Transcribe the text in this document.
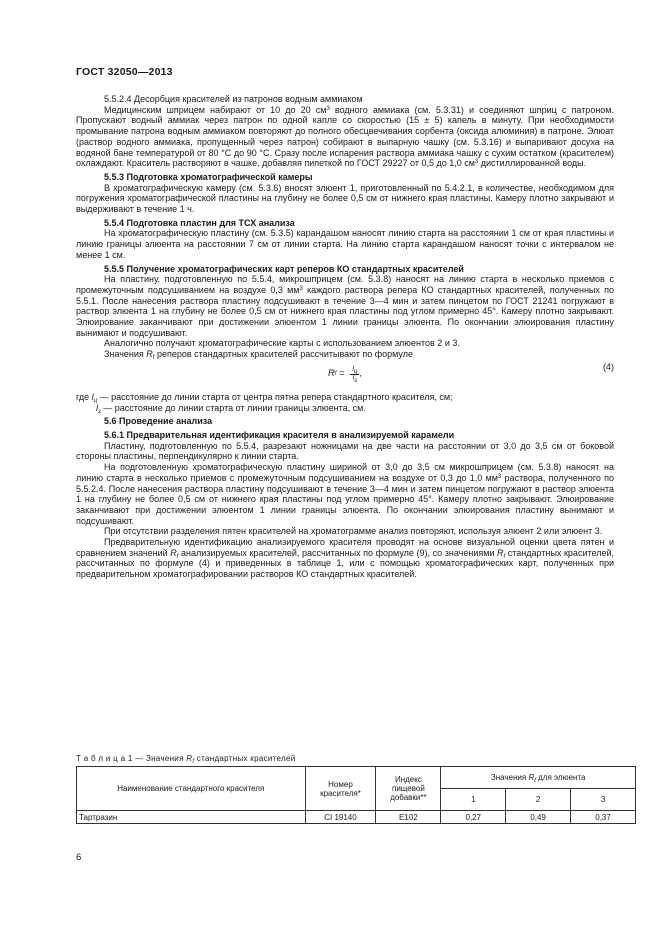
ГОСТ 32050—2013

5.5.2.4 Десорбция красителей из патронов водным аммиаком

Медицинским шприцем набирают от 10 до 20 $см^3$ водного аммиака (см. 5.3.31) и соединяют шприц с патроном. Пропускают водный аммиак через патрон по одной капле со скоростью (15 ± 5) капель в минуту. При необходимости промывание патрона водным аммиаком повторяют до полного обесцвечивания сорбента (оксида алюминия) в патроне. Элюат (раствор водного аммиака, пропущенный через патрон) собирают в выпарную чашку (см. 5.3.16) и выпаривают досуха на водяной бане температурой от 80 °С до 90 °С. Сразу после испарения раствора аммиака чашку с сухим остатком (красителем) охлаждают. Краситель растворяют в чашке, добавляя пипеткой по ГОСТ 29227 от 0,5 до 1,0 $см^3$ дистиллированной воды.

5.5.3 Подготовка хроматографической камеры

В хроматографическую камеру (см. 5.3.6) вносят элюент 1, приготовленный по 5.4.2.1, в количестве, необходимом для погружения хроматографической пластины на глубину не более 0,5 см от нижнего края пластины. Камеру плотно закрывают и выдерживают в течение 1 ч.

5.5.4 Подготовка пластин для ТСХ анализа

На хроматографическую пластину (см. 5.3.5) карандашом наносят линию старта на расстоянии 1 см от края пластины и линию границы элюента на расстоянии 7 см от линии старта. На линию старта карандашом наносят точки с интервалом не менее 1 см.

5.5.5 Получение хроматографических карт реперов КО стандартных красителей

На пластину, подготовленную по 5.5.4, микрошприцем (см. 5.3.8) наносят на линию старта в несколько приемов с промежуточным подсушиванием на воздухе 0,3 $мм^3$ каждого раствора репера КО стандартных красителей, полученных по 5.5.1. После нанесения раствора пластину подсушивают в течение 3—4 мин и затем пинцетом по ГОСТ 21241 погружают в раствор элюента 1 на глубину не более 0,5 см от нижнего края пластины под углом примерно 45°. Камеру плотно закрывают. Элюирование заканчивают при достижении элюентом 1 линии границы элюента. По окончании элюирования пластину вынимают и подсушивают.

Аналогично получают хроматографические карты с использованием элюентов 2 и 3.

Значения $R_f$ реперов стандартных красителей рассчитывают по формуле

R $f = \frac{l_ц}{l_з}$ ,
(4)
где $l_ц$ — расстояние до линии старта от центра пятна репера стандартного красителя, см;
$l_з$ — расстояние до линии старта от линии границы элюента, см.

5.6 Проведение анализа

5.6.1 Предварительная идентификация красителя в анализируемой карамели

Пластину, подготовленную по 5.5.4, разрезают ножницами на две части на расстоянии от 3,0 до 3,5 см от боковой стороны пластины, перпендикулярно к линии старта.

На подготовленную хроматографическую пластину шириной от 3,0 до 3,5 см микрошприцем (см. 5.3.8) наносят на линию старта в несколько приемов с промежуточным подсушиванием на воздухе от 0,3 до 1,0 $мм^3$ раствора, полученного по 5.5.2.4. После нанесения раствора пластину подсушивают в течение 3—4 мин и затем пинцетом погружают в раствор элюента 1 на глубину не более 0,5 см от нижнего края пластины под углом примерно 45°. Камеру плотно закрывают. Элюирование заканчивают при достижении элюентом 1 линии границы элюента. По окончании элюирования пластину вынимают и подсушивают.

При отсутствии разделения пятен красителей на хроматограмме анализ повторяют, используя элюент 2 или элюент 3.

Предварительную идентификацию анализируемого красителя проводят на основе визуальной оценки цвета пятен и сравнением значений $R_f$ анализируемых красителей, рассчитанных по формуле (9), со значениями $R_f$ стандартных красителей, рассчитанных по формуле (4) и приведенных в таблице 1, или с помощью хроматографических карт, полученных при предварительном хроматографировании растворов КО стандартных красителей.

Т а б л и ц а 1 — Значения $R_f$ стандартных красителей
Наименование стандартного красителя	Номер красителя*	Индекс пищевой добавки**	Значения $R_f$ для элюента		
			1	2	3
Тартразин	CI 19140	E102	0,27	0,49	0,37
6
